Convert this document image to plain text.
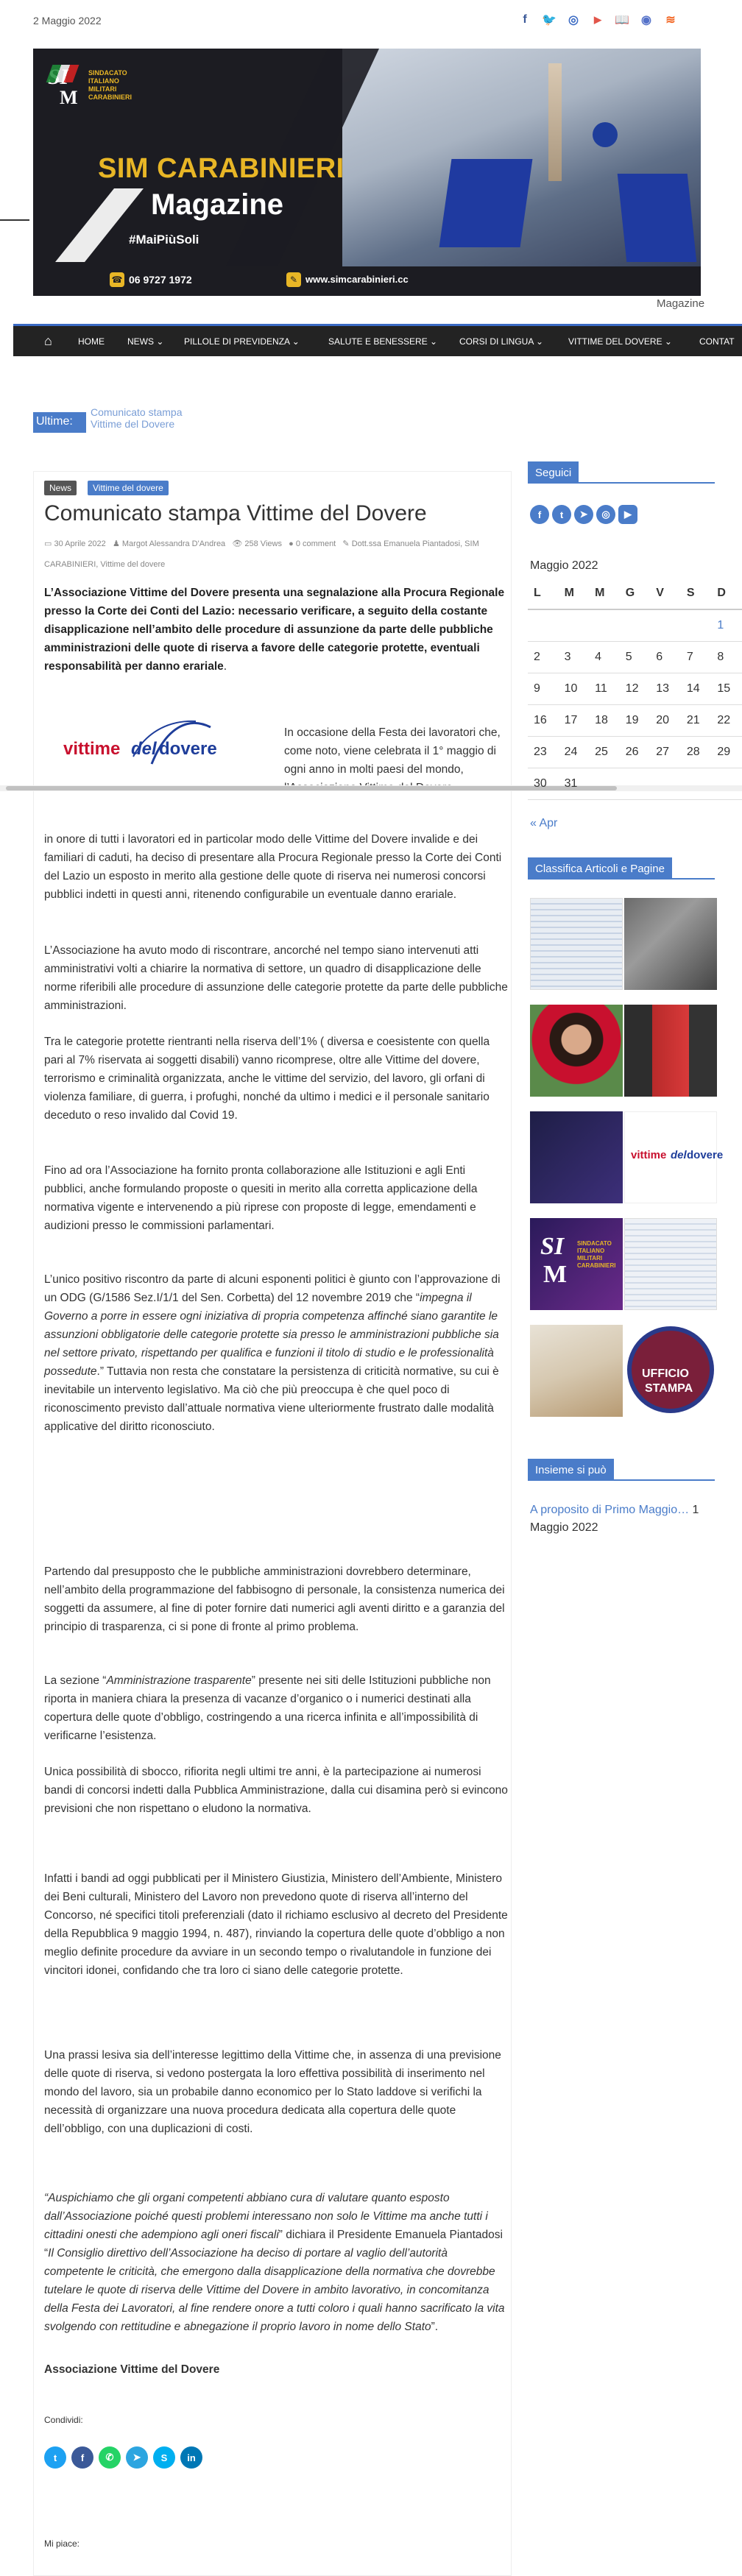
2 Maggio 2022	f	🐦	◎	▶	📖	◉	≋
M
SINDACATO ITALIANO MILITARI CARABINIERI
SIM CARABINIERI
Magazine
#MaiPiùSoli
☎ 06 9727 1972	✎ www.simcarabinieri.cc
Magazine
⌂	HOME	NEWS ⌄ PILLOLE DI PREVIDENZA ⌄	SALUTE E BENESSERE ⌄ CORSI DI LINGUA ⌄	VITTIME DEL DOVERE ⌄	CONTAT
Ultime:
Comunicato stampa Vittime del Dovere
News	Vittime del dovere
Comunicato stampa Vittime del Dovere
▭ 30 Aprile 2022 ♟ Margot Alessandra D'Andrea 👁 258 Views ● 0 comment ✎ Dott.ssa Emanuela Piantadosi, SIM CARABINIERI, Vittime del dovere
L’Associazione Vittime del Dovere presenta una segnalazione alla Procura Regionale presso la Corte dei Conti del Lazio: necessario verificare, a seguito della costante disapplicazione nell’ambito delle procedure di assunzione da parte delle pubbliche amministrazioni delle quote di riserva a favore delle categorie protette, eventuali responsabilità per danno erariale.
vittime del dovere

In occasione della Festa dei lavoratori che, come noto, viene celebrata il 1° maggio di ogni anno in molti paesi del mondo,

in onore di tutti i lavoratori ed in particolar modo delle Vittime del Dovere invalide e dei familiari di caduti, ha deciso di presentare alla Procura Regionale presso la Corte dei Conti del Lazio un esposto in merito alla gestione delle quote di riserva nei numerosi concorsi pubblici indetti in questi anni, ritenendo configurabile un eventuale danno erariale.

L’Associazione ha avuto modo di riscontrare, ancorché nel tempo siano intervenuti atti amministrativi volti a chiarire la normativa di settore, un quadro di disapplicazione delle norme riferibili alle procedure di assunzione delle categorie protette da parte delle pubbliche amministrazioni.

Tra le categorie protette rientranti nella riserva dell’1% ( diversa e coesistente con quella pari al 7% riservata ai soggetti disabili) vanno ricomprese, oltre alle Vittime del dovere, terrorismo e criminalità organizzata, anche le vittime del servizio, del lavoro, gli orfani di violenza familiare, di guerra, i profughi, nonché da ultimo i medici e il personale sanitario deceduto o reso invalido dal Covid 19.

Fino ad ora l’Associazione ha fornito pronta collaborazione alle Istituzioni e agli Enti pubblici, anche formulando proposte o quesiti in merito alla corretta applicazione della normativa vigente e intervenendo a più riprese con proposte di legge, emendamenti e audizioni presso le commissioni parlamentari.

L’unico positivo riscontro da parte di alcuni esponenti politici è giunto con l’approvazione di un ODG (G/1586 Sez.I/1/1 del Sen. Corbetta) del 12 novembre 2019 che “impegna il Governo a porre in essere ogni iniziativa di propria competenza affinché siano garantite le assunzioni obbligatorie delle categorie protette sia presso le amministrazioni pubbliche sia nel settore privato, rispettando per qualifica e funzioni il titolo di studio e le professionalità possedute.” Tuttavia non resta che constatare la persistenza di criticità normative, su cui è inevitabile un intervento legislativo. Ma ciò che più preoccupa è che quel poco di riconoscimento previsto dall’attuale normativa viene ulteriormente frustrato dalle modalità applicative del diritto riconosciuto.

Partendo dal presupposto che le pubbliche amministrazioni dovrebbero determinare, nell’ambito della programmazione del fabbisogno di personale, la consistenza numerica dei soggetti da assumere, al fine di poter fornire dati numerici agli aventi diritto e a garanzia del principio di trasparenza, ci si pone di fronte al primo problema.

La sezione “Amministrazione trasparente” presente nei siti delle Istituzioni pubbliche non riporta in maniera chiara la presenza di vacanze d’organico o i numerici destinati alla copertura delle quote d’obbligo, costringendo a una ricerca infinita e all’impossibilità di verificarne l’esistenza.

Unica possibilità di sbocco, rifiorita negli ultimi tre anni, è la partecipazione ai numerosi bandi di concorsi indetti dalla Pubblica Amministrazione, dalla cui disamina però si evincono previsioni che non rispettano o eludono la normativa.

Infatti i bandi ad oggi pubblicati per il Ministero Giustizia, Ministero dell’Ambiente, Ministero dei Beni culturali, Ministero del Lavoro non prevedono quote di riserva all’interno del Concorso, né specifici titoli preferenziali (dato il richiamo esclusivo al decreto del Presidente della Repubblica 9 maggio 1994, n. 487), rinviando la copertura delle quote d’obbligo a non meglio definite procedure da avviare in un secondo tempo o rivalutandole in funzione dei vincitori idonei, confidando che tra loro ci siano delle categorie protette.

Una prassi lesiva sia dell’interesse legittimo della Vittime che, in assenza di una previsione delle quote di riserva, si vedono postergata la loro effettiva possibilità di inserimento nel mondo del lavoro, sia un probabile danno economico per lo Stato laddove si verifichi la necessità di organizzare una nuova procedura dedicata alla copertura delle quote dell’obbligo, con una duplicazioni di costi.

“Auspichiamo che gli organi competenti abbiano cura di valutare quanto esposto dall’Associazione poiché questi problemi interessano non solo le Vittime ma anche tutti i cittadini onesti che adempiono agli oneri fiscali” dichiara il Presidente Emanuela Piantadosi “Il Consiglio direttivo dell’Associazione ha deciso di portare al vaglio dell’autorità competente le criticità, che emergono dalla disapplicazione della normativa che dovrebbe tutelare le quote di riserva delle Vittime del Dovere in ambito lavorativo, in concomitanza della Festa dei Lavoratori, al fine rendere onore a tutti coloro i quali hanno sacrificato la vita svolgendo con rettitudine e abnegazione il proprio lavoro in nome dello Stato”.

Associazione Vittime del Dovere

Condividi:
t	f	✆	➤	S	in
Mi piace:
Seguici
f	t	➤	◎	▶
Maggio 2022
L	M	M	G	V	S	D
						1
2	3	4	5	6	7	8
9	10	11	12	13	14	15
16	17	18	19	20	21	22
23	24	25	26	27	28	29
30	31					
« Apr
Classifica Articoli e Pagine
vittime del dovere
SI
M
SINDACATO ITALIANO MILITARI CARABINIERI
UFFICIO
STAMPA
Insieme si può
A proposito di Primo Maggio… 1 Maggio 2022
